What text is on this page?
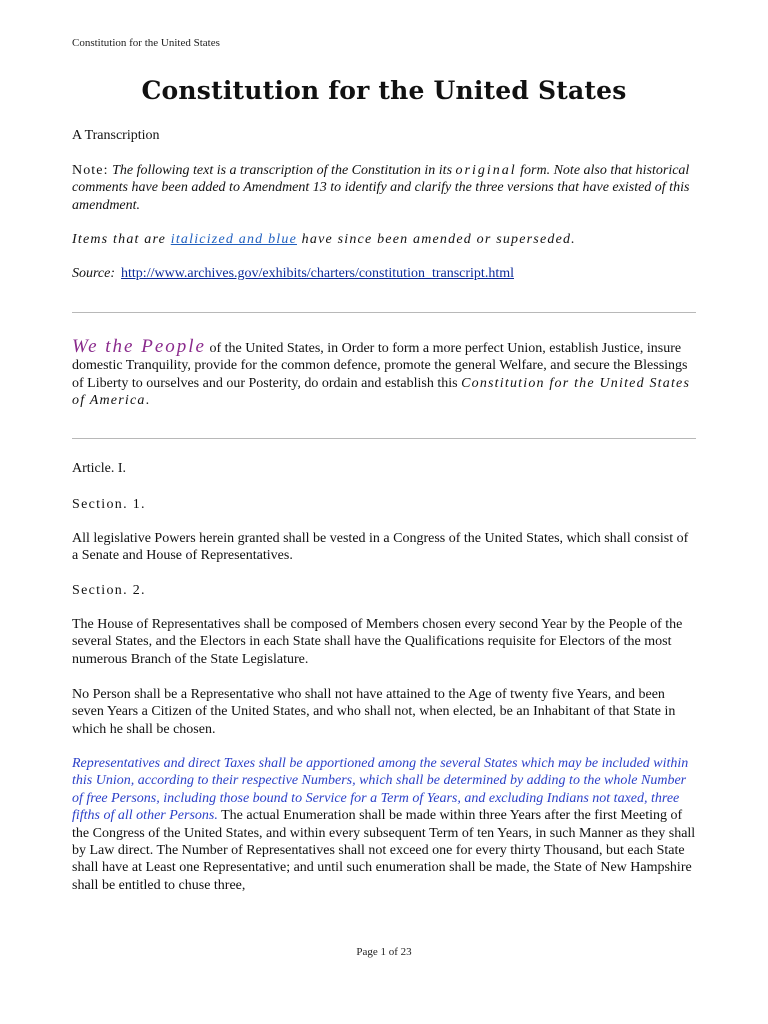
Constitution for the United States
Constitution for the United States
A Transcription
Note: The following text is a transcription of the Constitution in its original form. Note also that historical comments have been added to Amendment 13 to identify and clarify the three versions that have existed of this amendment.
Items that are italicized and blue have since been amended or superseded.
Source: http://www.archives.gov/exhibits/charters/constitution_transcript.html
We the People of the United States, in Order to form a more perfect Union, establish Justice, insure domestic Tranquility, provide for the common defence, promote the general Welfare, and secure the Blessings of Liberty to ourselves and our Posterity, do ordain and establish this Constitution for the United States of America.
Article. I.
Section. 1.
All legislative Powers herein granted shall be vested in a Congress of the United States, which shall consist of a Senate and House of Representatives.
Section. 2.
The House of Representatives shall be composed of Members chosen every second Year by the People of the several States, and the Electors in each State shall have the Qualifications requisite for Electors of the most numerous Branch of the State Legislature.
No Person shall be a Representative who shall not have attained to the Age of twenty five Years, and been seven Years a Citizen of the United States, and who shall not, when elected, be an Inhabitant of that State in which he shall be chosen.
Representatives and direct Taxes shall be apportioned among the several States which may be included within this Union, according to their respective Numbers, which shall be determined by adding to the whole Number of free Persons, including those bound to Service for a Term of Years, and excluding Indians not taxed, three fifths of all other Persons. The actual Enumeration shall be made within three Years after the first Meeting of the Congress of the United States, and within every subsequent Term of ten Years, in such Manner as they shall by Law direct. The Number of Representatives shall not exceed one for every thirty Thousand, but each State shall have at Least one Representative; and until such enumeration shall be made, the State of New Hampshire shall be entitled to chuse three,
Page 1 of 23
